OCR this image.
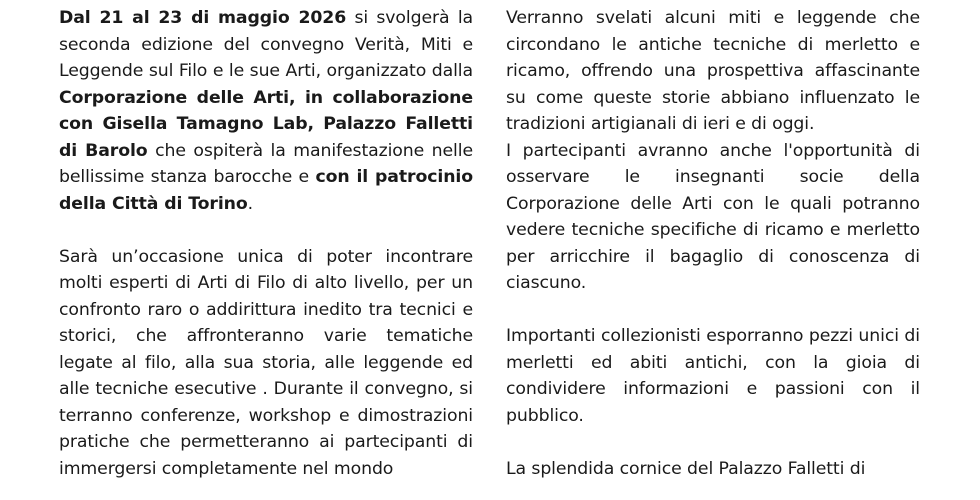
Dal 21 al 23 di maggio 2026 si svolgerà la seconda edizione del convegno Verità, Miti e Leggende sul Filo e le sue Arti, organizzato dalla Corporazione delle Arti, in collaborazione con Gisella Tamagno Lab, Palazzo Falletti di Barolo che ospiterà la manifestazione nelle bellissime stanza barocche e con il patrocinio della Città di Torino.

Sarà un’occasione unica di poter incontrare molti esperti di Arti di Filo di alto livello, per un confronto raro o addirittura inedito tra tecnici e storici, che affronteranno varie tematiche legate al filo, alla sua storia, alle leggende ed alle tecniche esecutive . Durante il convegno, si terranno conferenze, workshop e dimostrazioni pratiche che permetteranno ai partecipanti di immergersi completamente nel mondo

Verranno svelati alcuni miti e leggende che circondano le antiche tecniche di merletto e ricamo, offrendo una prospettiva affascinante su come queste storie abbiano influenzato le tradizioni artigianali di ieri e di oggi.

I partecipanti avranno anche l'opportunità di osservare le insegnanti socie della Corporazione delle Arti con le quali potranno vedere tecniche specifiche di ricamo e merletto per arricchire il bagaglio di conoscenza di ciascuno.

Importanti collezionisti esporranno pezzi unici di merletti ed abiti antichi, con la gioia di condividere informazioni e passioni con il pubblico.

La splendida cornice del Palazzo Falletti di
